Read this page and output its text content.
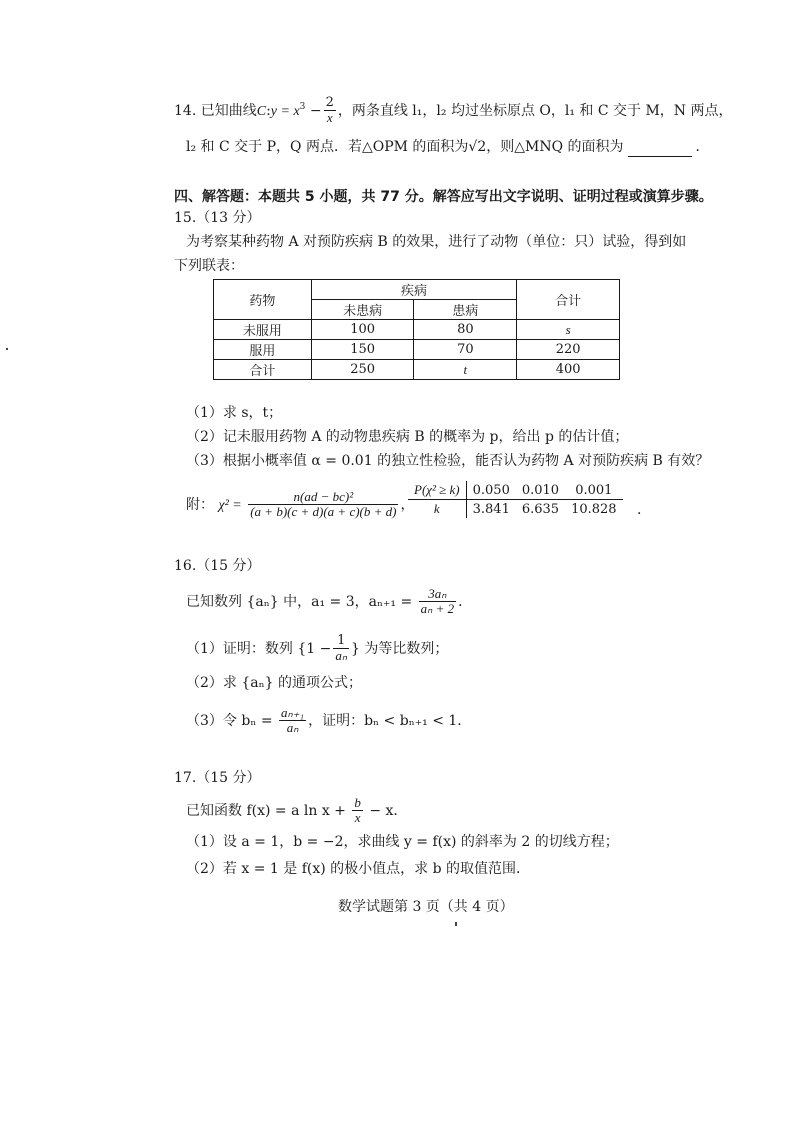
14. 已知曲线C:y = $x^3 - \frac{2}{x}$ ，两条直线 l₁，l₂ 均过坐标原点 O，l₁ 和 C 交于 M，N 两点，
l₂ 和 C 交于 P，Q 两点．若△OPM 的面积为√2，则△MNQ 的面积为	．
四、解答题：本题共 5 小题，共 77 分。解答应写出文字说明、证明过程或演算步骤。
15.（13 分）
为考察某种药物 A 对预防疾病 B 的效果，进行了动物（单位：只）试验，得到如
下列联表：
药物	疾病		合计
	未患病	患病	
未服用	100	80	s
服用	150	70	220
合计	250	t	400
（1）求 s，t；
（2）记未服用药物 A 的动物患疾病 B 的概率为 p，给出 p 的估计值；
（3）根据小概率值 α = 0.01 的独立性检验，能否认为药物 A 对预防疾病 B 有效？
附： $\chi^2 = \frac{\text{n(ad − bc)²}}{(a + b)(c + d)(a + c)(b + d)}$ ，
P(χ² ≥ k)	0.050	0.010	0.001
k	3.841	6.635	10.828 .
16.（15 分）
已知数列 {aₙ} 中，a₁ = 3，$a_{n+1} = \frac{\text{3aₙ}}{\text{aₙ + 2}}$ ．
（1）证明：数列 {$1 - \frac{1}{\text{aₙ}}$ } 为等比数列；
（2）求 {aₙ} 的通项公式；
（3）令 $b_n = \frac{\text{aₙ₊₁}}{\text{aₙ}}$ ，证明：bₙ < bₙ₊₁ < 1．
17.（15 分）
已知函数 f(x) = a $\ln x + \frac{b}{x} - x$．
（1）设 a = 1，b = −2，求曲线 y = f(x) 的斜率为 2 的切线方程；
（2）若 x = 1 是 f(x) 的极小值点，求 b 的取值范围．
数学试题第 3 页（共 4 页）
